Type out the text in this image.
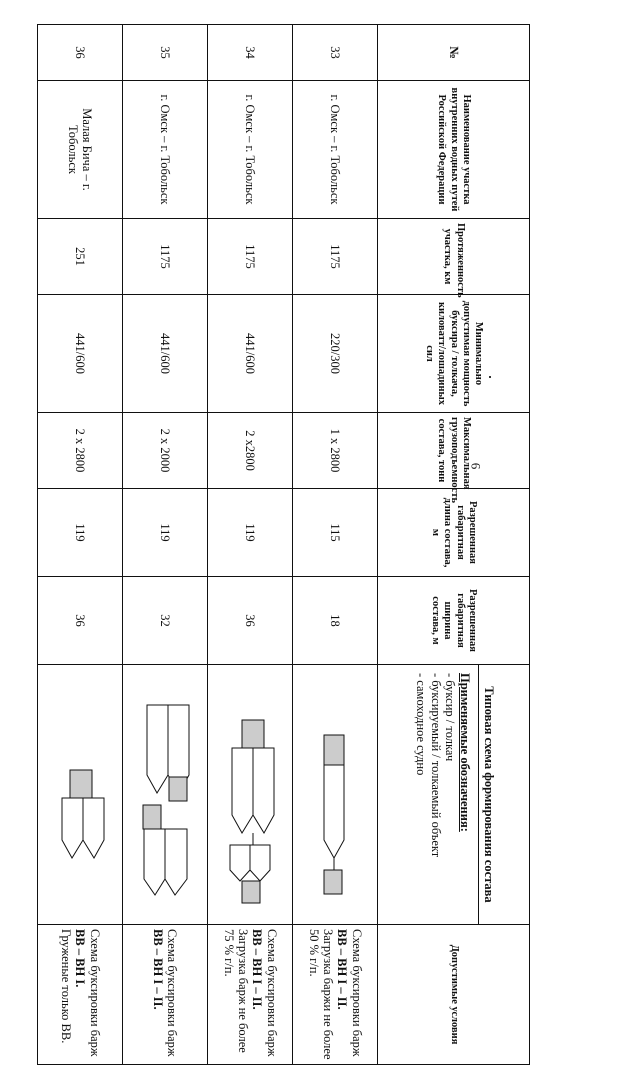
6
№	Наименование участка внутренних водных путей Российской Федерации	Протяженность участка, км	Минимально допустимая мощность буксира / толкача, киловатт/лошадиных сил	Максимальная грузоподъемность состава, тонн	Разрешенная габаритная длина состава, м	Разрешенная габаритная ширина состава, м	Типовая схема формирования состава
Применяемые обозначения:
- буксир / толкач
- буксируемый / толкаемый объект
- самоходное судно	Допустимые условия
33	г. Омск – г. Тобольск	1175	220/300	1 x 2800	115	18		Схема буксировки барж ВВ – ВН I – II.
Загрузка баржи не более 50 % г/п.
34	г. Омск – г. Тобольск	1175	441/600	2 x2800	119	36		Схема буксировки барж ВВ – ВН I – II.
Загрузка барж не более 75 % г/п.
35	г. Омск – г. Тобольск	1175	441/600	2 x 2000	119	32		Схема буксировки барж ВВ – ВН I – II.

36	Малая Бича – г. Тобольск	251	441/600	2 x 2800	119	36		Схема буксировки барж ВВ – ВН I.
Груженые только ВВ.
